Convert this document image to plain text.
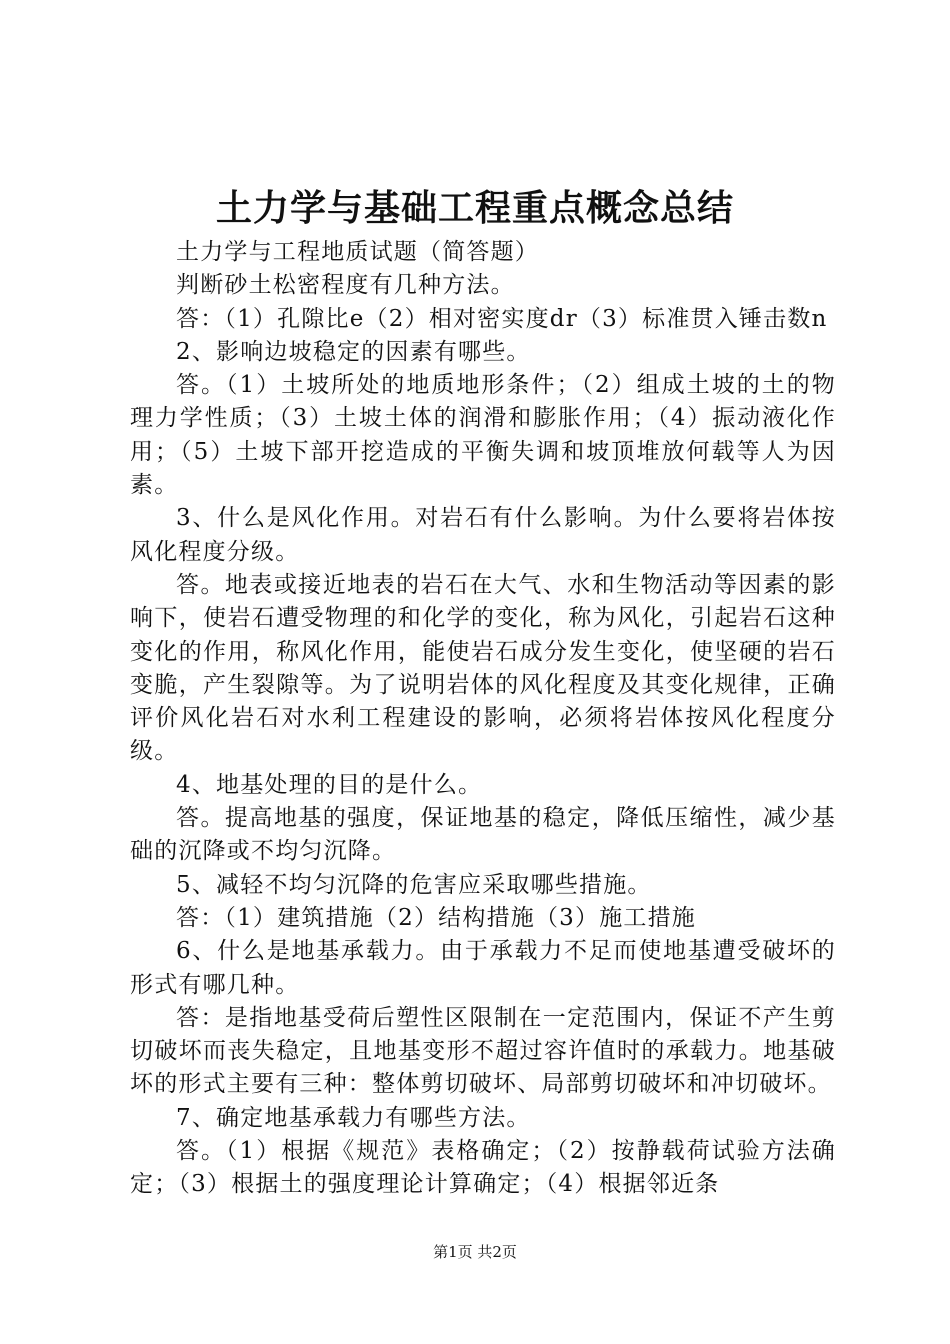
土力学与基础工程重点概念总结

土力学与工程地质试题（简答题）

判断砂土松密程度有几种方法。

答：（1）孔隙比e（2）相对密实度dr（3）标准贯入锤击数n

2、影响边坡稳定的因素有哪些。

答。（1）土坡所处的地质地形条件；（2）组成土坡的土的物理力学性质；（3）土坡土体的润滑和膨胀作用；（4）振动液化作用；（5）土坡下部开挖造成的平衡失调和坡顶堆放何载等人为因素。

3、什么是风化作用。对岩石有什么影响。为什么要将岩体按风化程度分级。

答。地表或接近地表的岩石在大气、水和生物活动等因素的影响下，使岩石遭受物理的和化学的变化，称为风化，引起岩石这种变化的作用，称风化作用，能使岩石成分发生变化，使坚硬的岩石变脆，产生裂隙等。为了说明岩体的风化程度及其变化规律，正确评价风化岩石对水利工程建设的影响，必须将岩体按风化程度分级。

4、地基处理的目的是什么。

答。提高地基的强度，保证地基的稳定，降低压缩性，减少基础的沉降或不均匀沉降。

5、减轻不均匀沉降的危害应采取哪些措施。

答：（1）建筑措施（2）结构措施（3）施工措施

6、什么是地基承载力。由于承载力不足而使地基遭受破坏的形式有哪几种。

答：是指地基受荷后塑性区限制在一定范围内，保证不产生剪切破坏而丧失稳定，且地基变形不超过容许值时的承载力。地基破坏的形式主要有三种：整体剪切破坏、局部剪切破坏和冲切破坏。

7、确定地基承载力有哪些方法。

答。（1）根据《规范》表格确定；（2）按静载荷试验方法确定；（3）根据土的强度理论计算确定；（4）根据邻近条

第1页 共2页
